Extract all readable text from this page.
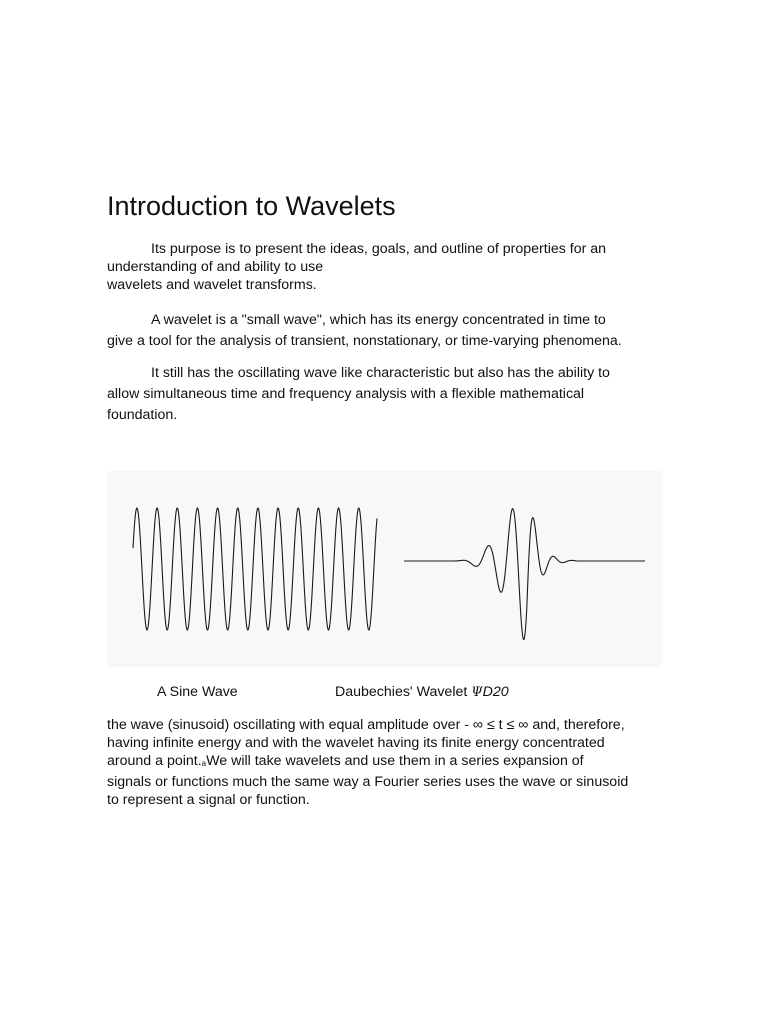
Introduction to Wavelets

Its purpose is to present the ideas, goals, and outline of properties for an
understanding of and ability to use
wavelets and wavelet transforms.

A wavelet is a "small wave", which has its energy concentrated in time to
give a tool for the analysis of transient, nonstationary, or time-varying phenomena.

It still has the oscillating wave like characteristic but also has the ability to
allow simultaneous time and frequency analysis with a flexible mathematical
foundation.

A Sine Wave	Daubechies' Wavelet ΨD20

the wave (sinusoid) oscillating with equal amplitude over - ∞ ≤ t ≤ ∞ and, therefore,
having infinite energy and with the wavelet having its finite energy concentrated
around a point.aWe will take wavelets and use them in a series expansion of
signals or functions much the same way a Fourier series uses the wave or sinusoid
to represent a signal or function.
